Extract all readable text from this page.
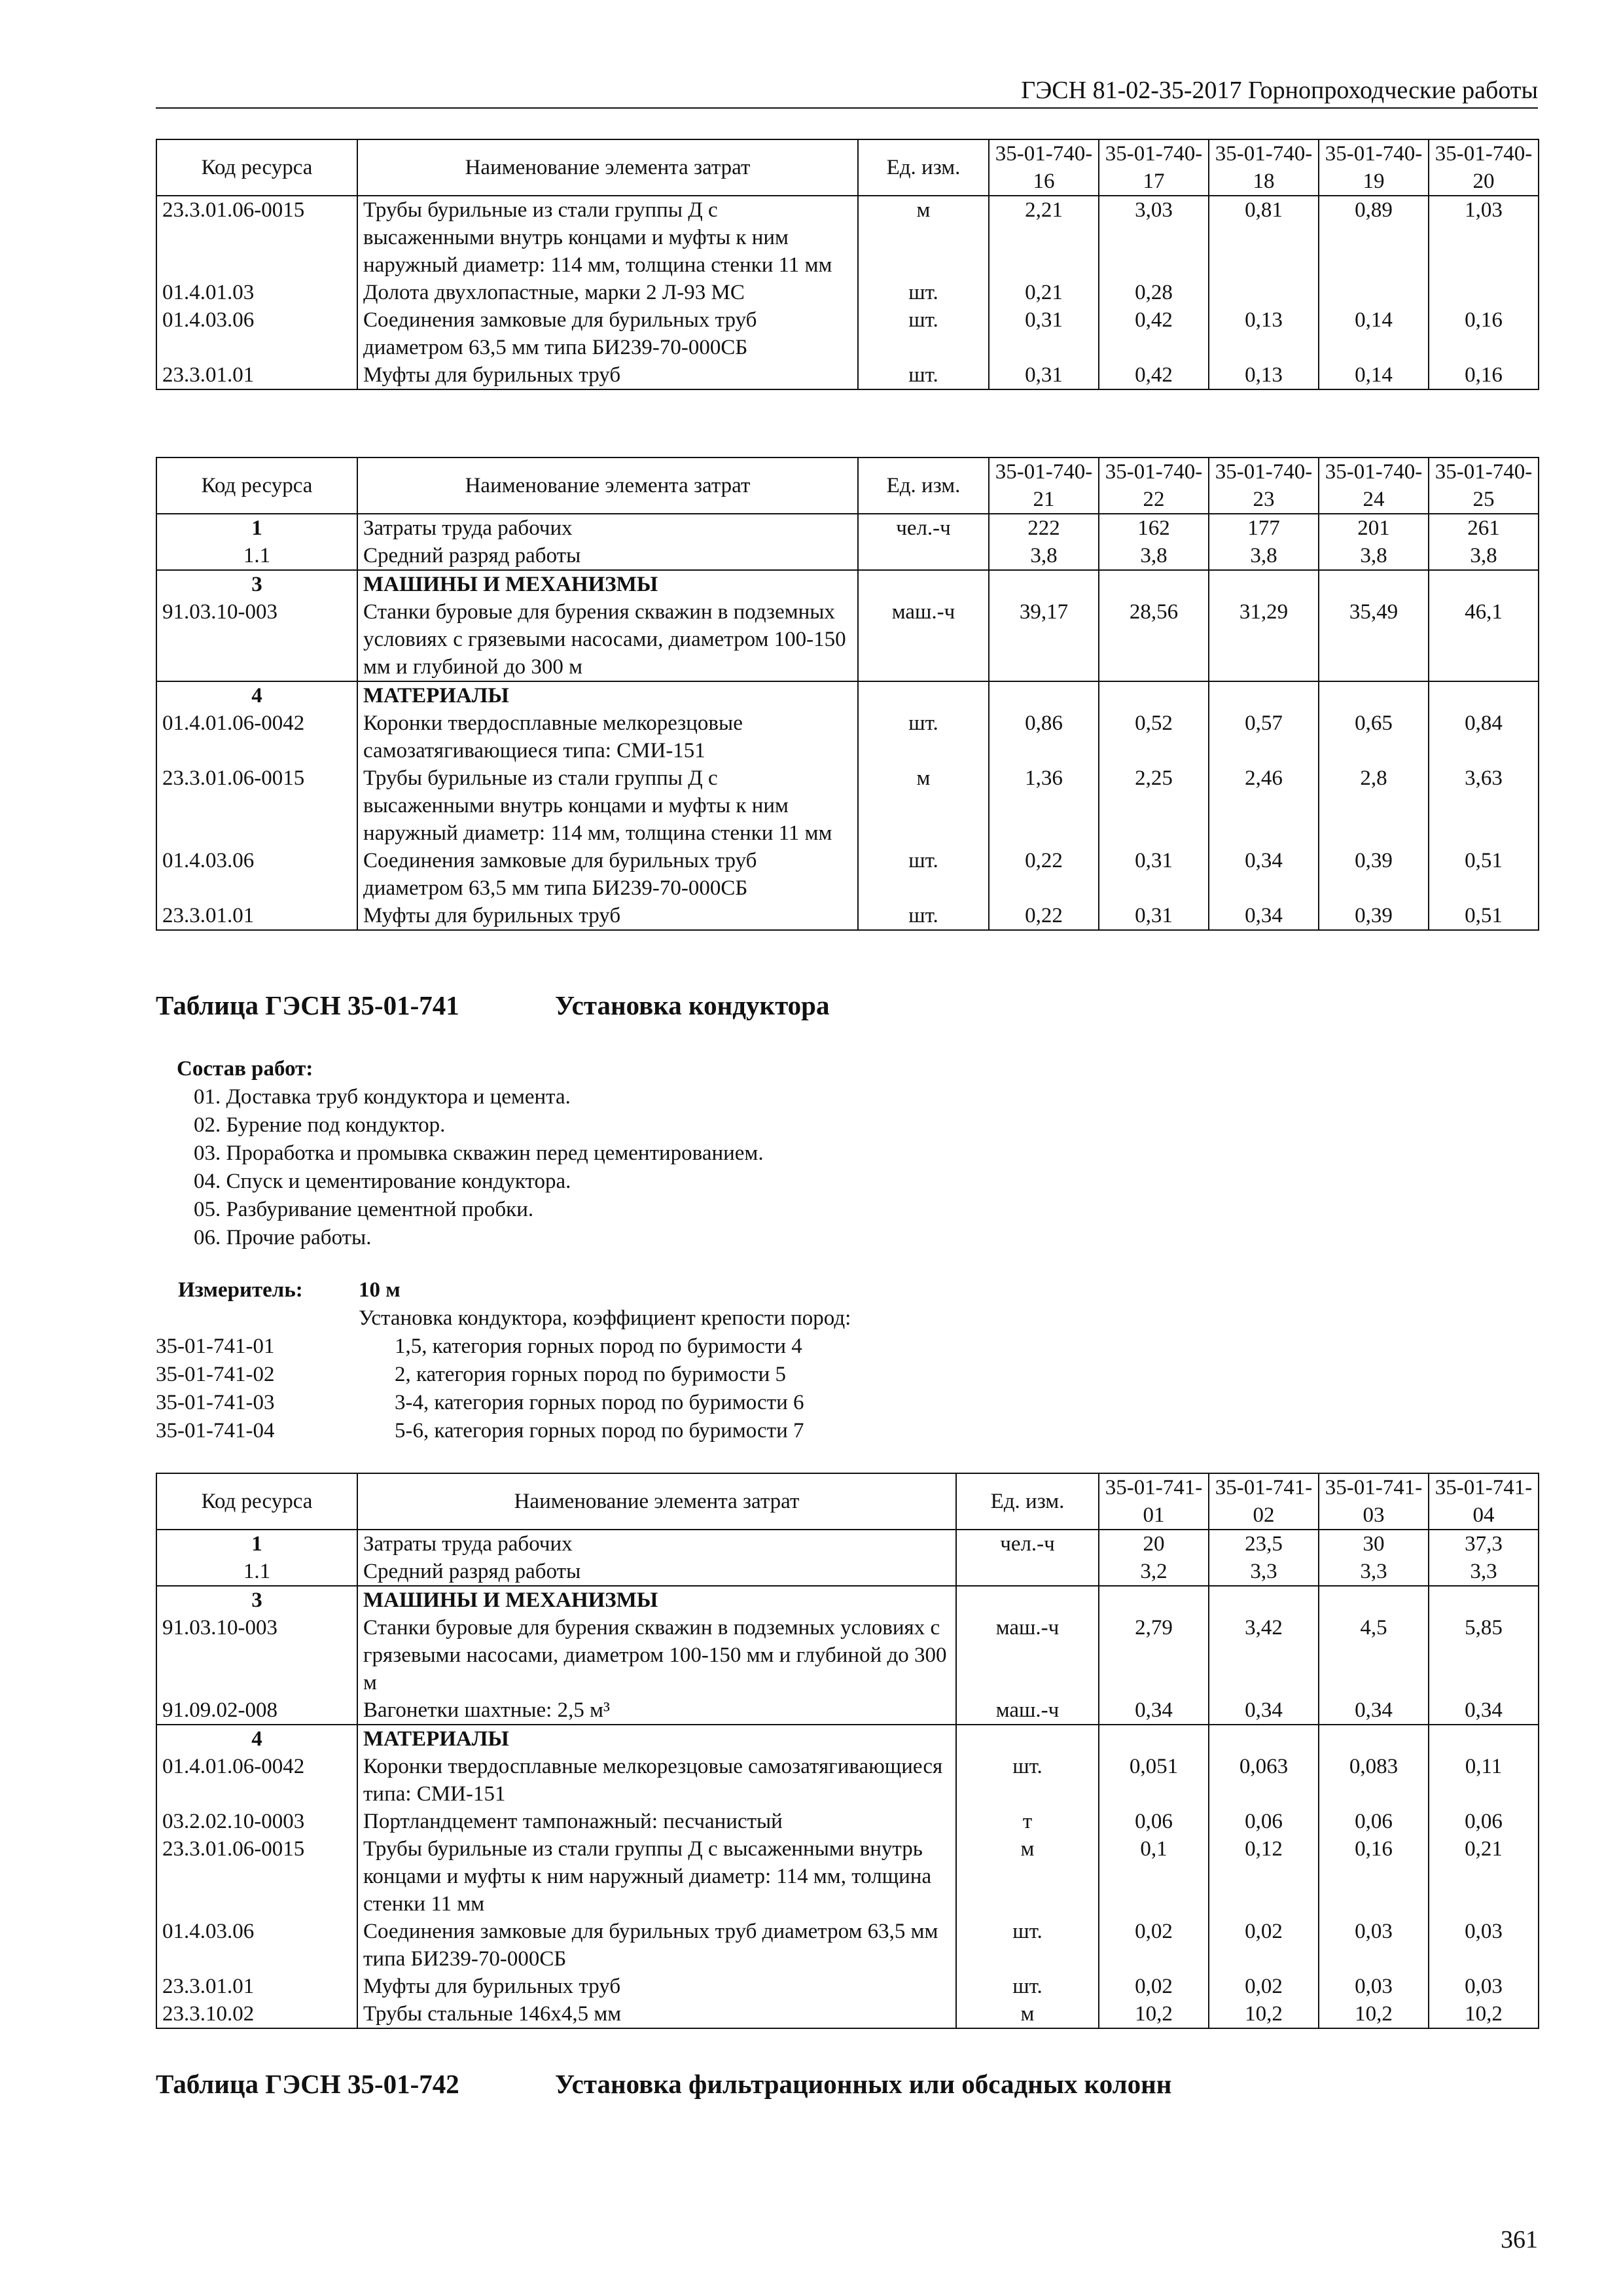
ГЭСН 81-02-35-2017 Горнопроходческие работы
Код ресурса	Наименование элемента затрат	Ед. изм.	35-01-740-16	35-01-740-17	35-01-740-18	35-01-740-19	35-01-740-20
23.3.01.06-0015	Трубы бурильные из стали группы Д с высаженными внутрь концами и муфты к ним наружный диаметр: 114 мм, толщина стенки 11 мм	м	2,21	3,03	0,81	0,89	1,03
01.4.01.03	Долота двухлопастные, марки 2 Л-93 МС	шт.	0,21	0,28			
01.4.03.06	Соединения замковые для бурильных труб диаметром 63,5 мм типа БИ239-70-000СБ	шт.	0,31	0,42	0,13	0,14	0,16
23.3.01.01	Муфты для бурильных труб	шт.	0,31	0,42	0,13	0,14	0,16
Код ресурса	Наименование элемента затрат	Ед. изм.	35-01-740-21	35-01-740-22	35-01-740-23	35-01-740-24	35-01-740-25
1	Затраты труда рабочих	чел.-ч	222	162	177	201	261
1.1	Средний разряд работы		3,8	3,8	3,8	3,8	3,8
3	МАШИНЫ И МЕХАНИЗМЫ						
91.03.10-003	Станки буровые для бурения скважин в подземных условиях с грязевыми насосами, диаметром 100-150 мм и глубиной до 300 м	маш.-ч	39,17	28,56	31,29	35,49	46,1
4	МАТЕРИАЛЫ						
01.4.01.06-0042	Коронки твердосплавные мелкорезцовые самозатягивающиеся типа: СМИ-151	шт.	0,86	0,52	0,57	0,65	0,84
23.3.01.06-0015	Трубы бурильные из стали группы Д с высаженными внутрь концами и муфты к ним наружный диаметр: 114 мм, толщина стенки 11 мм	м	1,36	2,25	2,46	2,8	3,63
01.4.03.06	Соединения замковые для бурильных труб диаметром 63,5 мм типа БИ239-70-000СБ	шт.	0,22	0,31	0,34	0,39	0,51
23.3.01.01	Муфты для бурильных труб	шт.	0,22	0,31	0,34	0,39	0,51
Таблица ГЭСН 35-01-741	Установка кондуктора
Состав работ:
01. Доставка труб кондуктора и цемента.
02. Бурение под кондуктор.
03. Проработка и промывка скважин перед цементированием.
04. Спуск и цементирование кондуктора.
05. Разбуривание цементной пробки.
06. Прочие работы.
Измеритель:	10 м
Установка кондуктора, коэффициент крепости пород:
35-01-741-01	1,5, категория горных пород по буримости 4
35-01-741-02	2, категория горных пород по буримости 5
35-01-741-03	3-4, категория горных пород по буримости 6
35-01-741-04	5-6, категория горных пород по буримости 7
Код ресурса	Наименование элемента затрат	Ед. изм.	35-01-741-01	35-01-741-02	35-01-741-03	35-01-741-04
1	Затраты труда рабочих	чел.-ч	20	23,5	30	37,3
1.1	Средний разряд работы		3,2	3,3	3,3	3,3
3	МАШИНЫ И МЕХАНИЗМЫ					
91.03.10-003	Станки буровые для бурения скважин в подземных условиях с грязевыми насосами, диаметром 100-150 мм и глубиной до 300 м	маш.-ч	2,79	3,42	4,5	5,85
91.09.02-008	Вагонетки шахтные: 2,5 м³	маш.-ч	0,34	0,34	0,34	0,34
4	МАТЕРИАЛЫ					
01.4.01.06-0042	Коронки твердосплавные мелкорезцовые самозатягивающиеся типа: СМИ-151	шт.	0,051	0,063	0,083	0,11
03.2.02.10-0003	Портландцемент тампонажный: песчанистый	т	0,06	0,06	0,06	0,06
23.3.01.06-0015	Трубы бурильные из стали группы Д с высаженными внутрь концами и муфты к ним наружный диаметр: 114 мм, толщина стенки 11 мм	м	0,1	0,12	0,16	0,21
01.4.03.06	Соединения замковые для бурильных труб диаметром 63,5 мм типа БИ239-70-000СБ	шт.	0,02	0,02	0,03	0,03
23.3.01.01	Муфты для бурильных труб	шт.	0,02	0,02	0,03	0,03
23.3.10.02	Трубы стальные 146х4,5 мм	м	10,2	10,2	10,2	10,2
Таблица ГЭСН 35-01-742	Установка фильтрационных или обсадных колонн
361
